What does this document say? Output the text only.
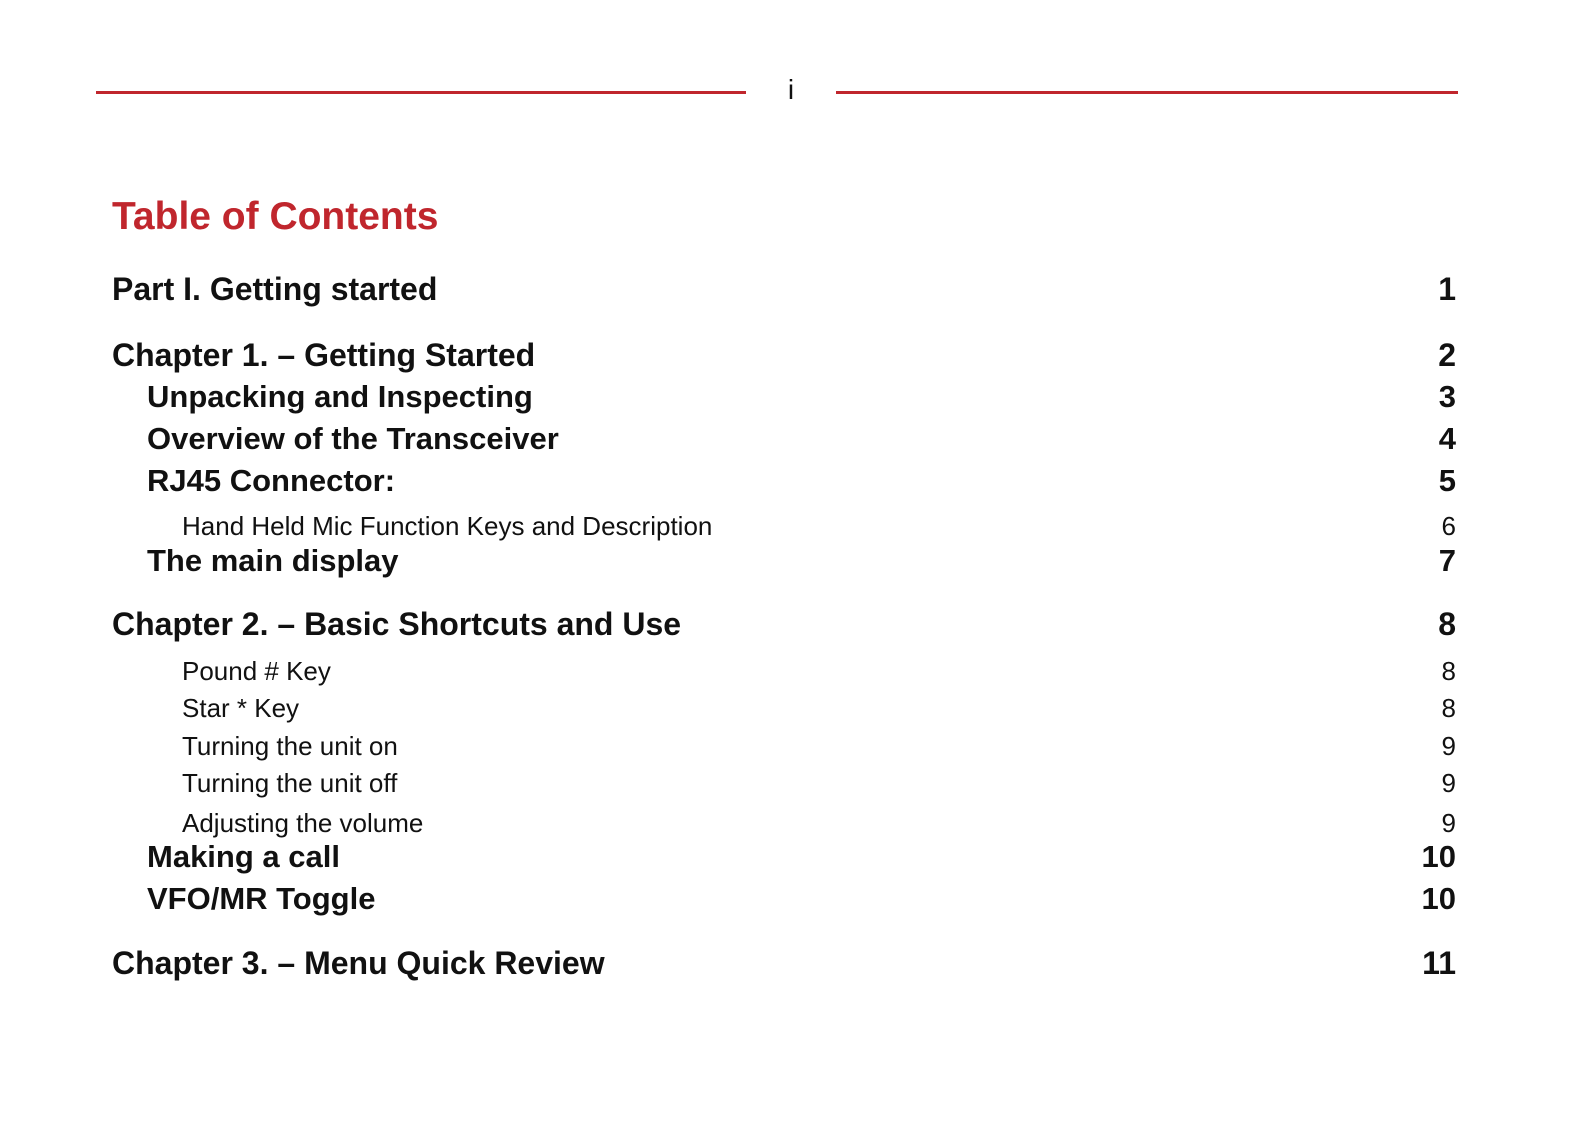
i
Table of Contents
Part I. Getting started	1
Chapter 1. – Getting Started	2
Unpacking and Inspecting	3
Overview of the Transceiver	4
RJ45 Connector:	5
Hand Held Mic Function Keys and Description	6
The main display	7
Chapter 2. – Basic Shortcuts and Use	8
Pound # Key	8
Star * Key	8
Turning the unit on	9
Turning the unit off	9
Adjusting the volume	9
Making a call	10
VFO/MR Toggle	10
Chapter 3. – Menu Quick Review	11
